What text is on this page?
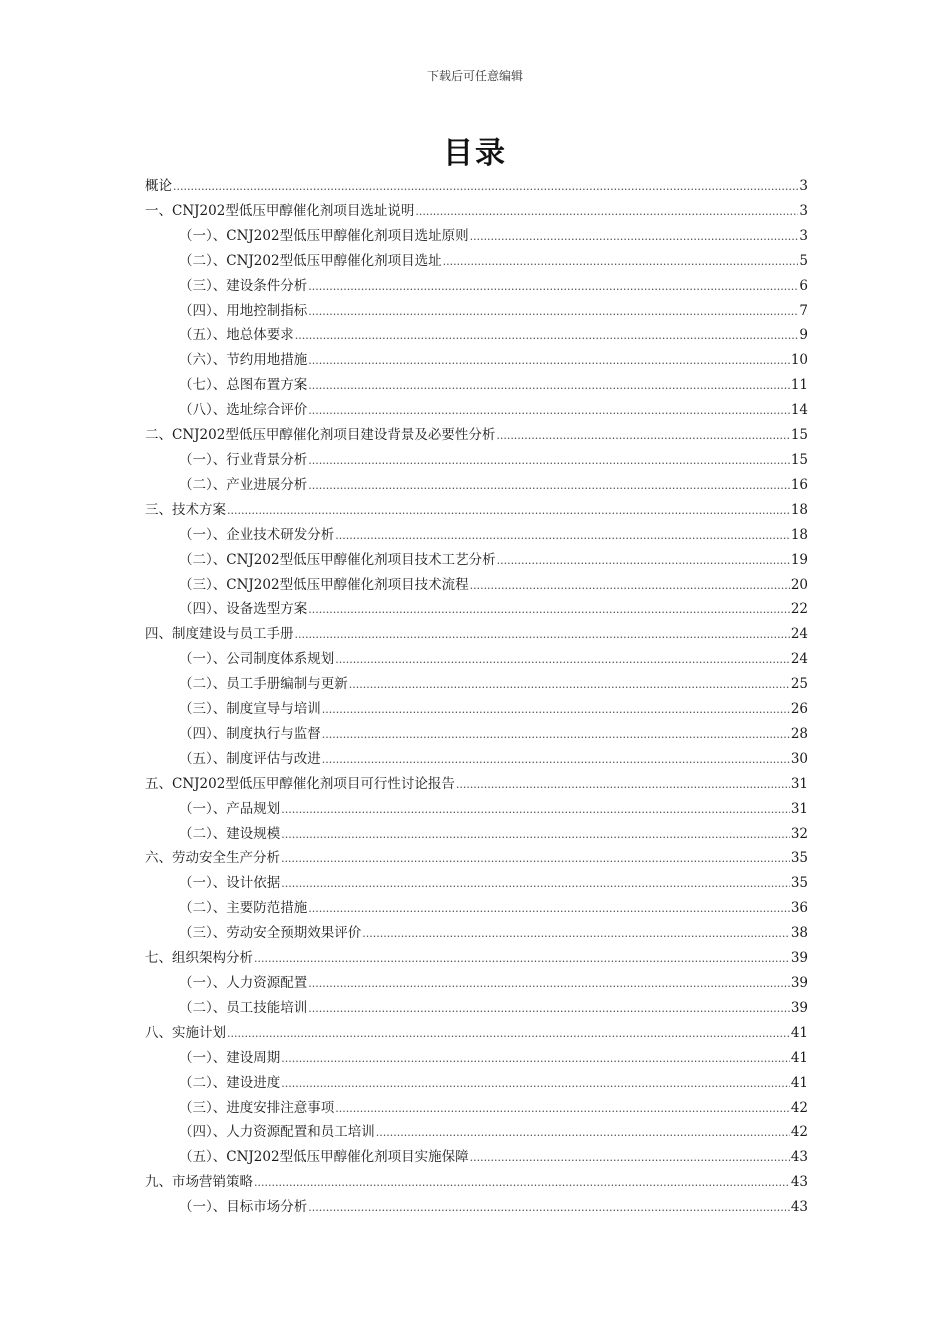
下载后可任意编辑
目录
概论 .....	3
一、CNJ202型低压甲醇催化剂项目选址说明 .....	3
（一）、CNJ202型低压甲醇催化剂项目选址原则 .....	3
（二）、CNJ202型低压甲醇催化剂项目选址 .....	5
（三）、建设条件分析 .....	6
（四）、用地控制指标 .....	7
（五）、地总体要求 .....	9
（六）、节约用地措施 .....	10
（七）、总图布置方案 .....	11
（八）、选址综合评价 .....	14
二、CNJ202型低压甲醇催化剂项目建设背景及必要性分析 .....	15
（一）、行业背景分析 .....	15
（二）、产业进展分析 .....	16
三、技术方案 .....	18
（一）、企业技术研发分析 .....	18
（二）、CNJ202型低压甲醇催化剂项目技术工艺分析 .....	19
（三）、CNJ202型低压甲醇催化剂项目技术流程 .....	20
（四）、设备选型方案 .....	22
四、制度建设与员工手册 .....	24
（一）、公司制度体系规划 .....	24
（二）、员工手册编制与更新 .....	25
（三）、制度宣导与培训 .....	26
（四）、制度执行与监督 .....	28
（五）、制度评估与改进 .....	30
五、CNJ202型低压甲醇催化剂项目可行性讨论报告 .....	31
（一）、产品规划 .....	31
（二）、建设规模 .....	32
六、劳动安全生产分析 .....	35
（一）、设计依据 .....	35
（二）、主要防范措施 .....	36
（三）、劳动安全预期效果评价 .....	38
七、组织架构分析 .....	39
（一）、人力资源配置 .....	39
（二）、员工技能培训 .....	39
八、实施计划 .....	41
（一）、建设周期 .....	41
（二）、建设进度 .....	41
（三）、进度安排注意事项 .....	42
（四）、人力资源配置和员工培训 .....	42
（五）、CNJ202型低压甲醇催化剂项目实施保障 .....	43
九、市场营销策略 .....	43
（一）、目标市场分析 .....	43
